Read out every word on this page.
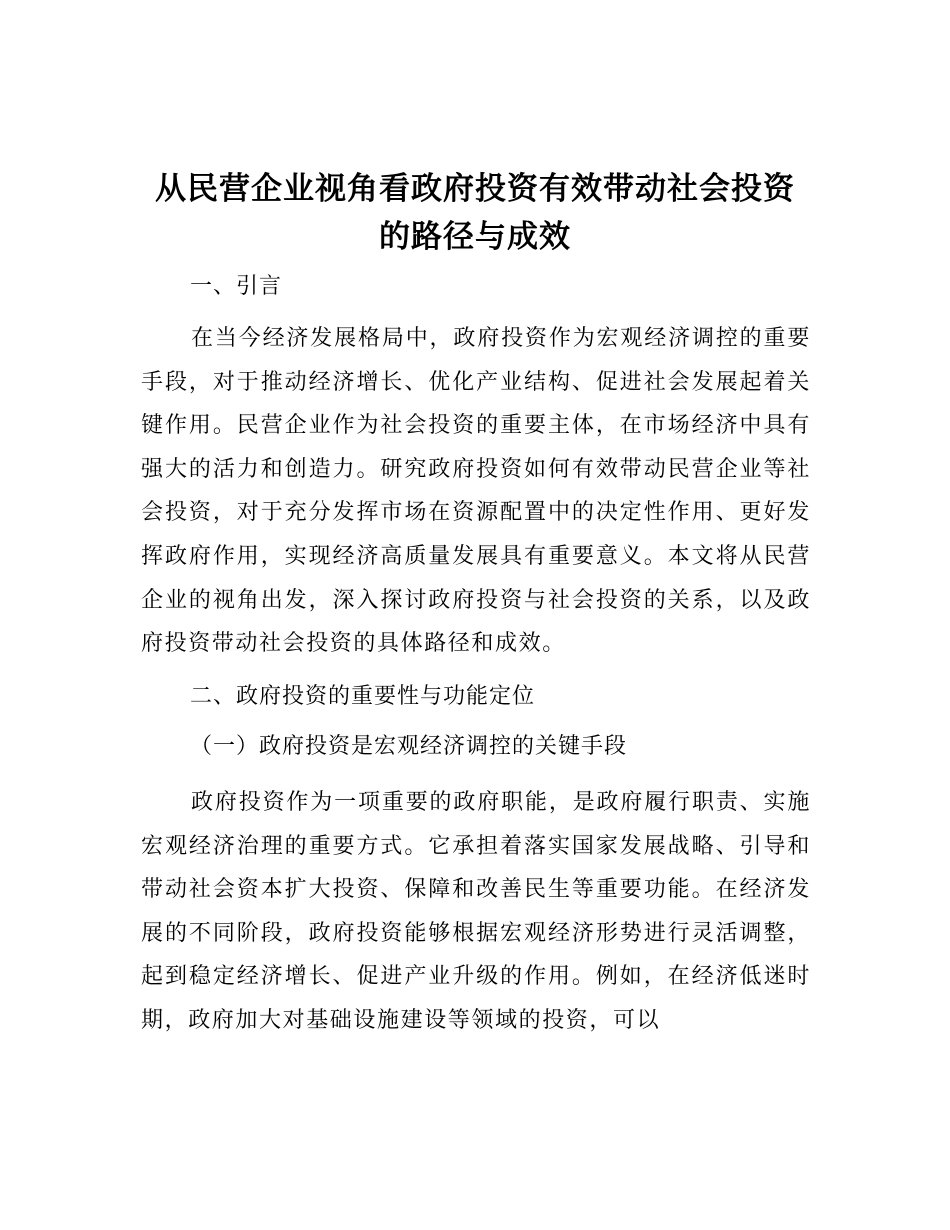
从民营企业视角看政府投资有效带动社会投资
的路径与成效
一、引言

在当今经济发展格局中，政府投资作为宏观经济调控的重要手段，对于推动经济增长、优化产业结构、促进社会发展起着关键作用。民营企业作为社会投资的重要主体，在市场经济中具有强大的活力和创造力。研究政府投资如何有效带动民营企业等社会投资，对于充分发挥市场在资源配置中的决定性作用、更好发挥政府作用，实现经济高质量发展具有重要意义。本文将从民营企业的视角出发，深入探讨政府投资与社会投资的关系，以及政府投资带动社会投资的具体路径和成效。

二、政府投资的重要性与功能定位
（一）政府投资是宏观经济调控的关键手段

政府投资作为一项重要的政府职能，是政府履行职责、实施宏观经济治理的重要方式。它承担着落实国家发展战略、引导和带动社会资本扩大投资、保障和改善民生等重要功能。在经济发展的不同阶段，政府投资能够根据宏观经济形势进行灵活调整，起到稳定经济增长、促进产业升级的作用。例如，在经济低迷时期，政府加大对基础设施建设等领域的投资，可以
